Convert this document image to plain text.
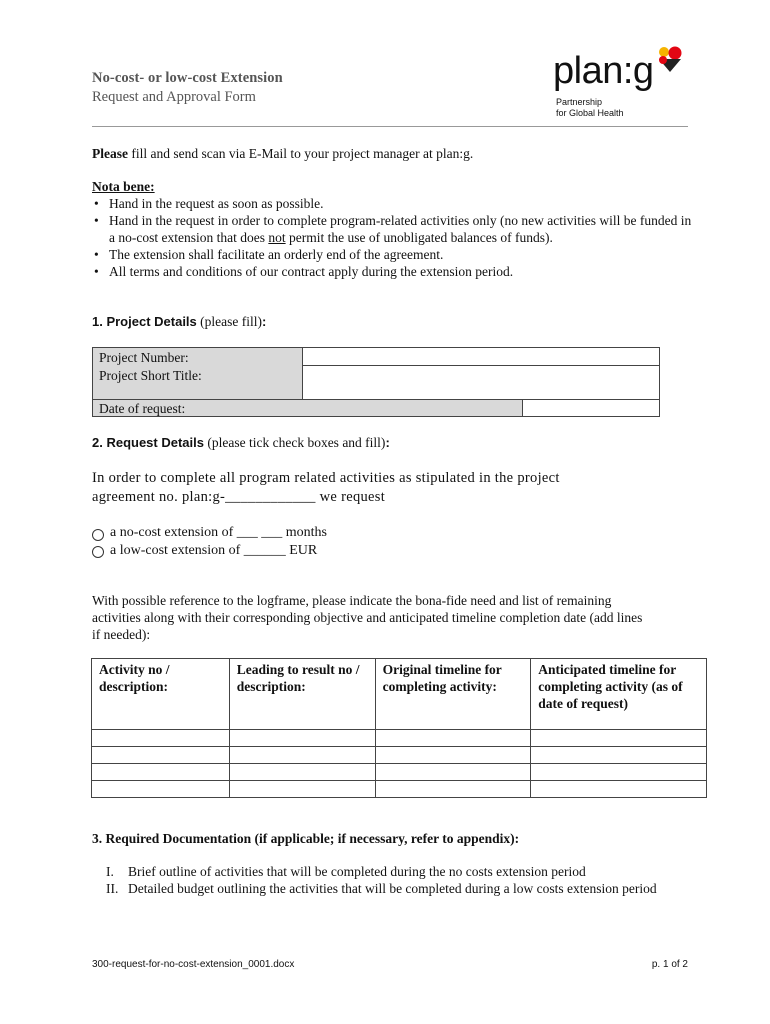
No-cost- or low-cost Extension
Request and Approval Form
plan:g
Partnership
for Global Health
Please fill and send scan via E-Mail to your project manager at plan:g.
Nota bene:
• Hand in the request as soon as possible.
• Hand in the request in order to complete program-related activities only (no new activities will be funded in a no-cost extension that does not permit the use of unobligated balances of funds).
• The extension shall facilitate an orderly end of the agreement.
• All terms and conditions of our contract apply during the extension period.
1. Project Details (please fill):
Project Number:
Project Short Title:
Date of request:
2. Request Details (please tick check boxes and fill):
In order to complete all program related activities as stipulated in the project
agreement no. plan:g-____________ we request
a no-cost extension of ___ ___ months
a low-cost extension of ______ EUR
With possible reference to the logframe, please indicate the bona-fide need and list of remaining activities along with their corresponding objective and anticipated timeline completion date (add lines if needed):
Activity no / description:	Leading to result no / description:	Original timeline for completing activity:	Anticipated timeline for completing activity (as of date of request)

3. Required Documentation (if applicable; if necessary, refer to appendix):
I. Brief outline of activities that will be completed during the no costs extension period
II. Detailed budget outlining the activities that will be completed during a low costs extension period
300-request-for-no-cost-extension_0001.docx	p. 1 of 2
